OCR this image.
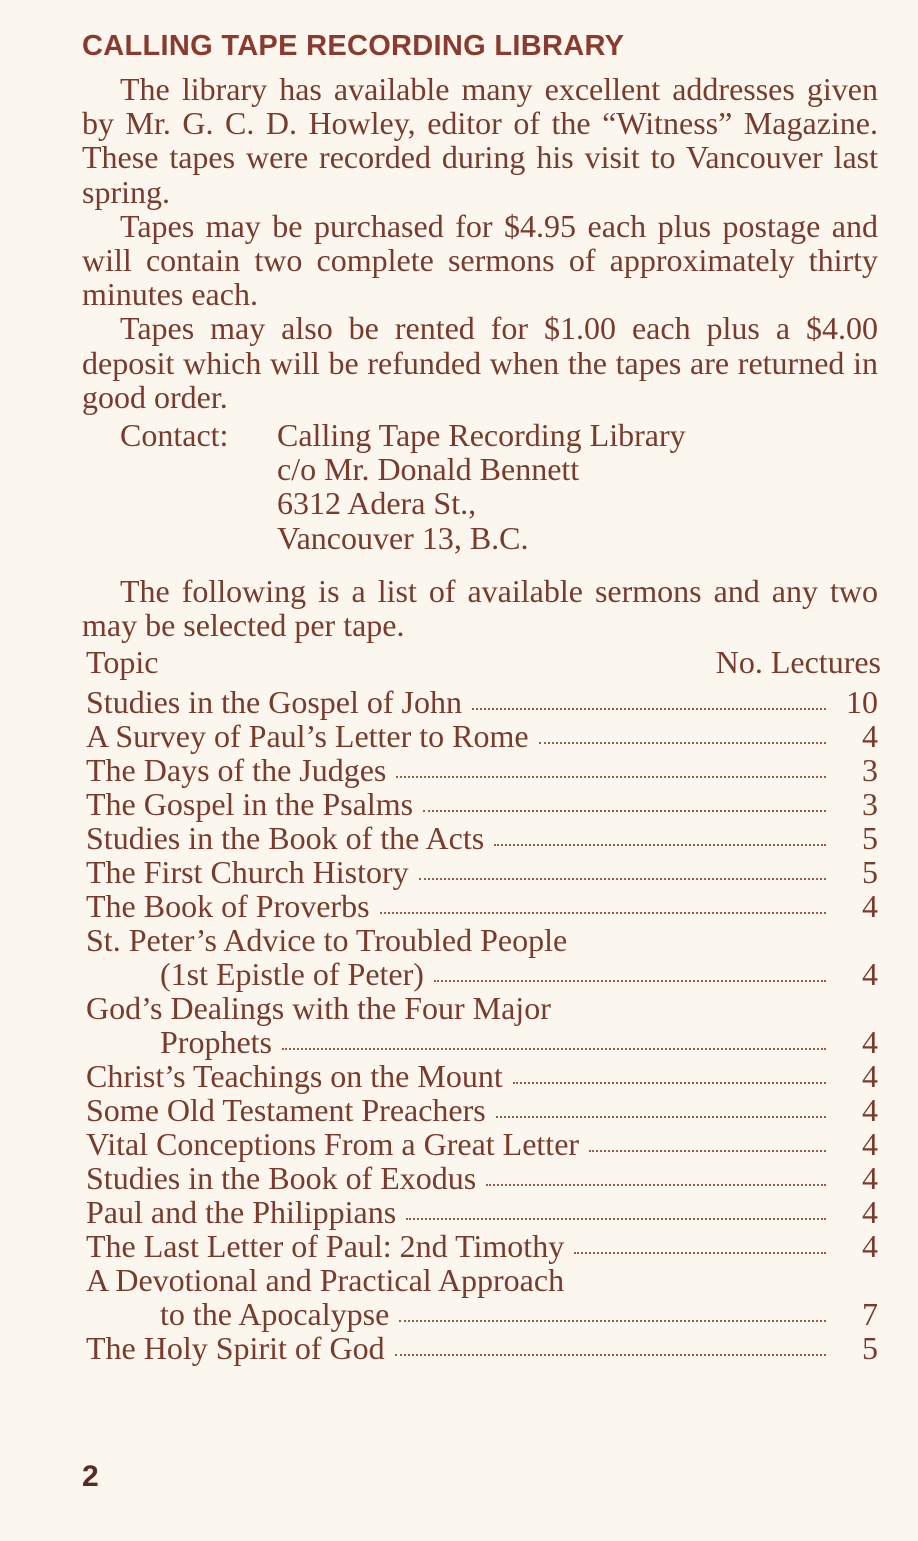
CALLING TAPE RECORDING LIBRARY

The library has available many excellent addresses given by Mr. G. C. D. Howley, editor of the “Witness” Magazine. These tapes were recorded during his visit to Vancouver last spring.

Tapes may be purchased for $4.95 each plus postage and will contain two complete sermons of approximately thirty minutes each.

Tapes may also be rented for $1.00 each plus a $4.00 deposit which will be refunded when the tapes are returned in good order.

Contact: Calling Tape Recording Library
c/o Mr. Donald Bennett
6312 Adera St.,
Vancouver 13, B.C.

The following is a list of available sermons and any two may be selected per tape.

Topic	No. Lectures
Studies in the Gospel of John	10
A Survey of Paul’s Letter to Rome	4
The Days of the Judges	3
The Gospel in the Psalms	3
Studies in the Book of the Acts	5
The First Church History	5
The Book of Proverbs	4
St. Peter’s Advice to Troubled People
(1st Epistle of Peter)	4
God’s Dealings with the Four Major
Prophets	4
Christ’s Teachings on the Mount	4
Some Old Testament Preachers	4
Vital Conceptions From a Great Letter	4
Studies in the Book of Exodus	4
Paul and the Philippians	4
The Last Letter of Paul: 2nd Timothy	4
A Devotional and Practical Approach
to the Apocalypse	7
The Holy Spirit of God	5
2
